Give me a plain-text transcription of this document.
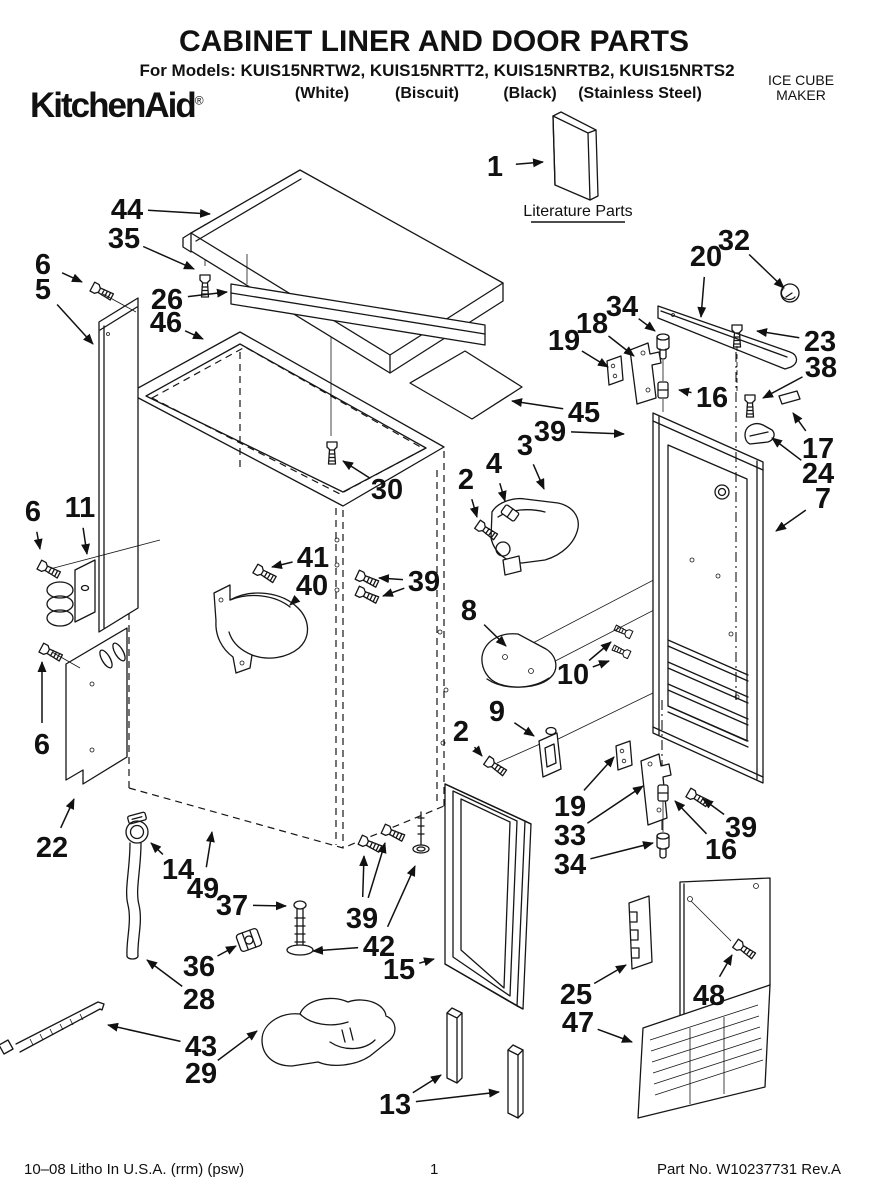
KitchenAid®
CABINET LINER AND DOOR PARTS
For Models: KUIS15NRTW2, KUIS15NRTT2, KUIS15NRTB2, KUIS15NRTS2
(White)	(Biscuit)	(Black) (Stainless Steel)
ICE CUBE
MAKER
Literature Parts
1
44
35
6
5	26
46
30
45
20
32
34
18
19	23
38
16
17
24
7
2 4
3 39
11
6
41
40	39
8
10
9
2
6
22
14
49
37
36
28
43
29
39
42
15
13
19
33
34
25
47
16
39
48
10–08 Litho In U.S.A. (rrm) (psw)	1	Part No. W10237731 Rev.A
